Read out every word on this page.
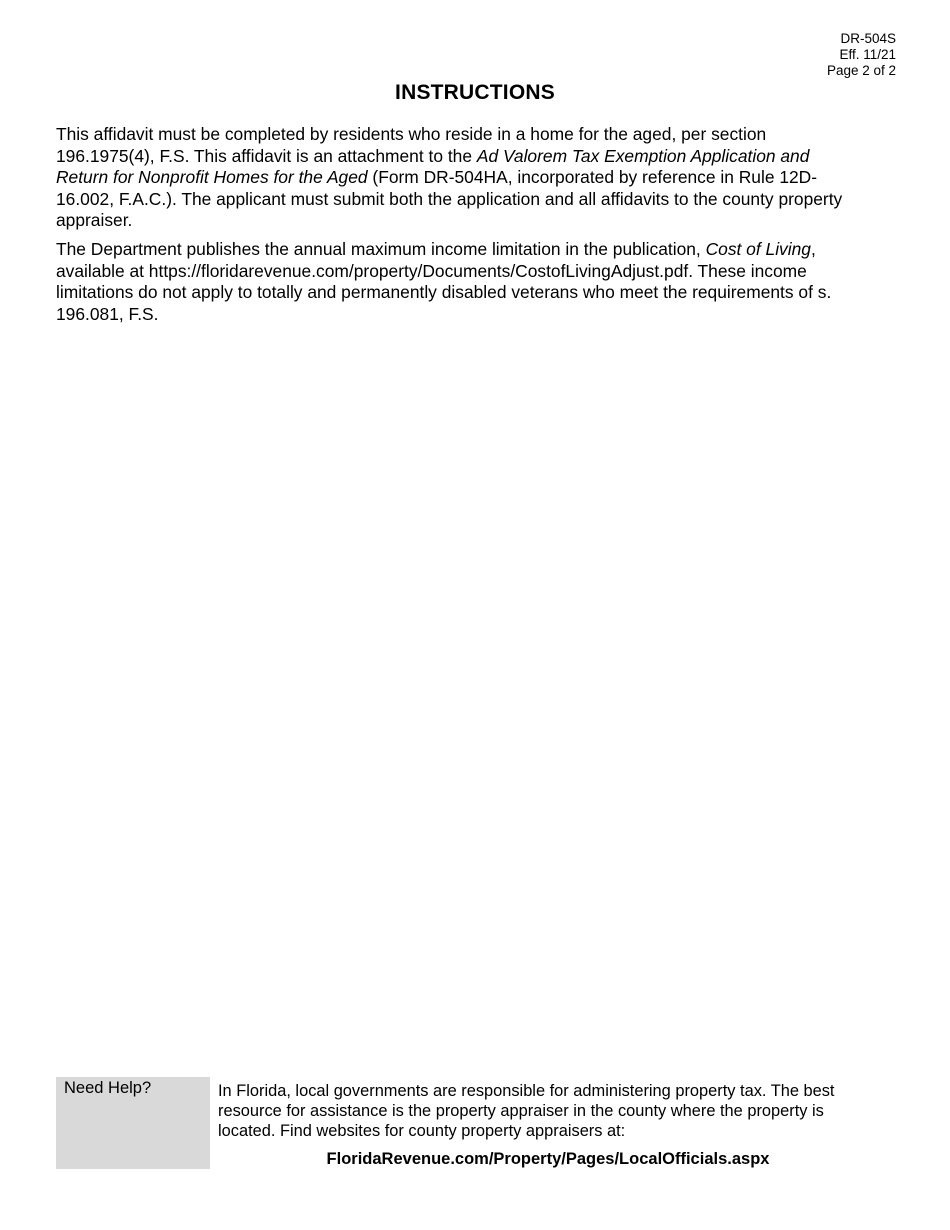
DR-504S
Eff. 11/21
Page 2 of 2
INSTRUCTIONS

This affidavit must be completed by residents who reside in a home for the aged, per section 196.1975(4), F.S. This affidavit is an attachment to the Ad Valorem Tax Exemption Application and Return for Nonprofit Homes for the Aged (Form DR-504HA, incorporated by reference in Rule 12D-16.002, F.A.C.). The applicant must submit both the application and all affidavits to the county property appraiser.

The Department publishes the annual maximum income limitation in the publication, Cost of Living, available at https://floridarevenue.com/property/Documents/CostofLivingAdjust.pdf. These income limitations do not apply to totally and permanently disabled veterans who meet the requirements of s. 196.081, F.S.

Need Help?	In Florida, local governments are responsible for administering property tax. The best resource for assistance is the property appraiser in the county where the property is located. Find websites for county property appraisers at:
FloridaRevenue.com/Property/Pages/LocalOfficials.aspx
